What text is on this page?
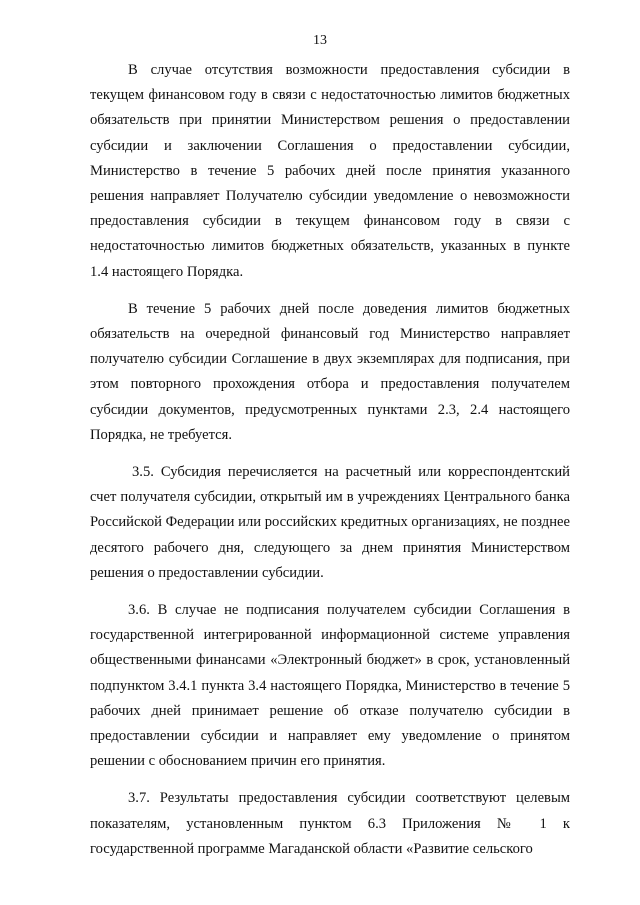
13

В случае отсутствия возможности предоставления субсидии в текущем финансовом году в связи с недостаточностью лимитов бюджетных обязательств при принятии Министерством решения о предоставлении субсидии и заключении Соглашения о предоставлении субсидии, Министерство в течение 5 рабочих дней после принятия указанного решения направляет Получателю субсидии уведомление о невозможности предоставления субсидии в текущем финансовом году в связи с недостаточностью лимитов бюджетных обязательств, указанных в пункте 1.4 настоящего Порядка.

В течение 5 рабочих дней после доведения лимитов бюджетных обязательств на очередной финансовый год Министерство направляет получателю субсидии Соглашение в двух экземплярах для подписания, при этом повторного прохождения отбора и предоставления получателем субсидии документов, предусмотренных пунктами 2.3, 2.4 настоящего Порядка, не требуется.

3.5. Субсидия перечисляется на расчетный или корреспондентский счет получателя субсидии, открытый им в учреждениях Центрального банка Российской Федерации или российских кредитных организациях, не позднее десятого рабочего дня, следующего за днем принятия Министерством решения о предоставлении субсидии.

3.6. В случае не подписания получателем субсидии Соглашения в государственной интегрированной информационной системе управления общественными финансами «Электронный бюджет» в срок, установленный подпунктом 3.4.1 пункта 3.4 настоящего Порядка, Министерство в течение 5 рабочих дней принимает решение об отказе получателю субсидии в предоставлении субсидии и направляет ему уведомление о принятом решении с обоснованием причин его принятия.

3.7. Результаты предоставления субсидии соответствуют целевым показателям, установленным пунктом 6.3 Приложения № 1 к государственной программе Магаданской области «Развитие сельского
